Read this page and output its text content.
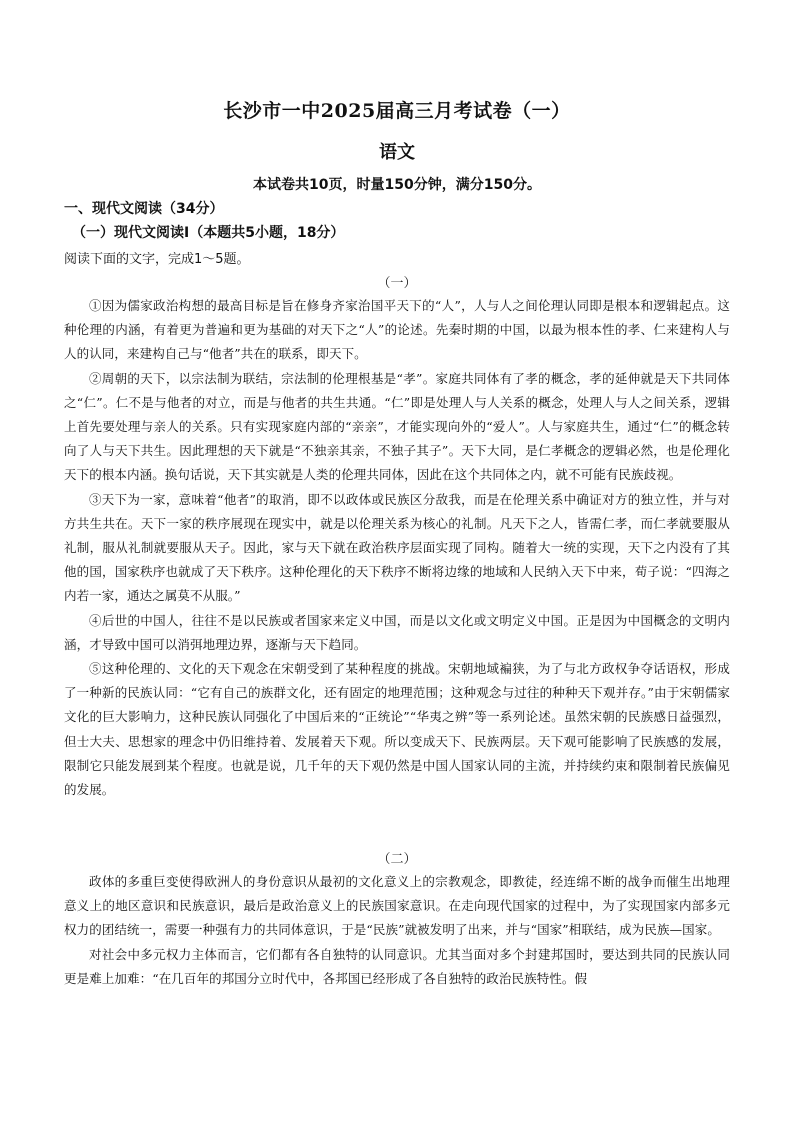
长沙市一中2025届高三月考试卷（一）
语文
本试卷共10页，时量150分钟，满分150分。
一、现代文阅读（34分）
（一）现代文阅读Ⅰ（本题共5小题，18分）
阅读下面的文字，完成1～5题。
（一）

①因为儒家政治构想的最高目标是旨在修身齐家治国平天下的“人”，人与人之间伦理认同即是根本和逻辑起点。这种伦理的内涵，有着更为普遍和更为基础的对天下之“人”的论述。先秦时期的中国，以最为根本性的孝、仁来建构人与人的认同，来建构自己与“他者”共在的联系，即天下。

②周朝的天下，以宗法制为联结，宗法制的伦理根基是“孝”。家庭共同体有了孝的概念，孝的延伸就是天下共同体之“仁”。仁不是与他者的对立，而是与他者的共生共通。“仁”即是处理人与人关系的概念，处理人与人之间关系，逻辑上首先要处理与亲人的关系。只有实现家庭内部的“亲亲”，才能实现向外的“爱人”。人与家庭共生，通过“仁”的概念转向了人与天下共生。因此理想的天下就是“不独亲其亲，不独子其子”。天下大同，是仁孝概念的逻辑必然，也是伦理化天下的根本内涵。换句话说，天下其实就是人类的伦理共同体，因此在这个共同体之内，就不可能有民族歧视。

③天下为一家，意味着“他者”的取消，即不以政体或民族区分敌我，而是在伦理关系中确证对方的独立性，并与对方共生共在。天下一家的秩序展现在现实中，就是以伦理关系为核心的礼制。凡天下之人，皆需仁孝，而仁孝就要服从礼制，服从礼制就要服从天子。因此，家与天下就在政治秩序层面实现了同构。随着大一统的实现，天下之内没有了其他的国，国家秩序也就成了天下秩序。这种伦理化的天下秩序不断将边缘的地域和人民纳入天下中来，荀子说：“四海之内若一家，通达之属莫不从服。”

④后世的中国人，往往不是以民族或者国家来定义中国，而是以文化或文明定义中国。正是因为中国概念的文明内涵，才导致中国可以消弭地理边界，逐渐与天下趋同。

⑤这种伦理的、文化的天下观念在宋朝受到了某种程度的挑战。宋朝地域褊狭，为了与北方政权争夺话语权，形成了一种新的民族认同：“它有自己的族群文化，还有固定的地理范围；这种观念与过往的种种天下观并存。”由于宋朝儒家文化的巨大影响力，这种民族认同强化了中国后来的“正统论”“华夷之辨”等一系列论述。虽然宋朝的民族感日益强烈，但士大夫、思想家的理念中仍旧维持着、发展着天下观。所以变成天下、民族两层。天下观可能影响了民族感的发展，限制它只能发展到某个程度。也就是说，几千年的天下观仍然是中国人国家认同的主流，并持续约束和限制着民族偏见的发展。

（二）

政体的多重巨变使得欧洲人的身份意识从最初的文化意义上的宗教观念，即教徒，经连绵不断的战争而催生出地理意义上的地区意识和民族意识，最后是政治意义上的民族国家意识。在走向现代国家的过程中，为了实现国家内部多元权力的团结统一，需要一种强有力的共同体意识，于是“民族”就被发明了出来，并与“国家”相联结，成为民族—国家。

对社会中多元权力主体而言，它们都有各自独特的认同意识。尤其当面对多个封建邦国时，要达到共同的民族认同更是难上加难：“在几百年的邦国分立时代中，各邦国已经形成了各自独特的政治民族特性。假
